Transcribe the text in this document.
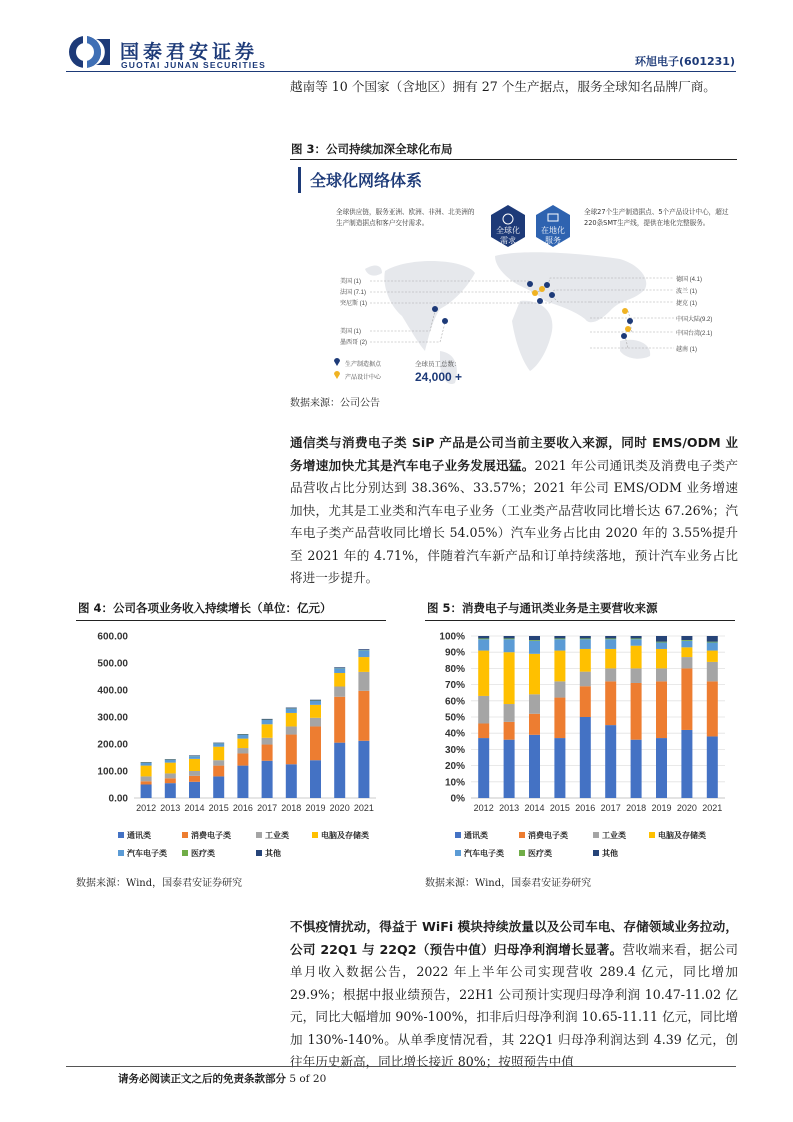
国泰君安证券
GUOTAI JUNAN SECURITIES	环旭电子(601231)
越南等 10 个国家（含地区）拥有 27 个生产据点，服务全球知名品牌厂商。
图 3：公司持续加深全球化布局
全球化网络体系
全球供应链，服务亚洲、欧洲、非洲、北美洲的生产制造据点和客户交付需求。
全球化
需求
在地化
服务
全球27个生产制造据点、5个产品设计中心，超过220条SMT生产线，提供在地化完整服务。
美国 (1)
法国 (7.1)
突尼斯 (1)
美国 (1)
墨西哥 (2)
德国 (4.1)
波兰 (1)
捷克 (1)
中国大陆(9.2)
中国台湾(2.1)
越南 (1)
生产制造据点
产品设计中心
全球员工总数：
24,000 +
数据来源：公司公告
通信类与消费电子类 SiP 产品是公司当前主要收入来源，同时 EMS/ODM 业务增速加快尤其是汽车电子业务发展迅猛。2021 年公司通讯类及消费电子类产品营收占比分别达到 38.36%、33.57%；2021 年公司 EMS/ODM 业务增速加快，尤其是工业类和汽车电子业务（工业类产品营收同比增长达 67.26%；汽车电子类产品营收同比增长 54.05%）汽车业务占比由 2020 年的 3.55%提升至 2021 年的 4.71%，伴随着汽车新产品和订单持续落地，预计汽车业务占比将进一步提升。
图 4：公司各项业务收入持续增长（单位：亿元）	图 5：消费电子与通讯类业务是主要营收来源
0.00
100.00
200.00
300.00
400.00
500.00
600.00
2012 2013 2014 2015 2016 2017 2018 2019 2020 2021
通讯类	消费电子类	工业类	电脑及存储类
汽车电子类	医疗类	其他
0%
10%
20%
30%
40%
50%
60%
70%
80%
90%
100%
2012 2013 2014 2015 2016 2017 2018 2019 2020 2021
通讯类	消费电子类	工业类	电脑及存储类
汽车电子类	医疗类	其他
数据来源：Wind，国泰君安证券研究	数据来源：Wind，国泰君安证券研究
不惧疫情扰动，得益于 WiFi 模块持续放量以及公司车电、存储领域业务拉动，公司 22Q1 与 22Q2（预告中值）归母净利润增长显著。营收端来看，据公司单月收入数据公告，2022 年上半年公司实现营收 289.4 亿元，同比增加 29.9%；根据中报业绩预告，22H1 公司预计实现归母净利润 10.47-11.02 亿元，同比大幅增加 90%-100%，扣非后归母净利润 10.65-11.11 亿元，同比增加 130%-140%。从单季度情况看，其 22Q1 归母净利润达到 4.39 亿元，创往年历史新高，同比增长接近 80%；按照预告中值
请务必阅读正文之后的免责条款部分 5 of 20
